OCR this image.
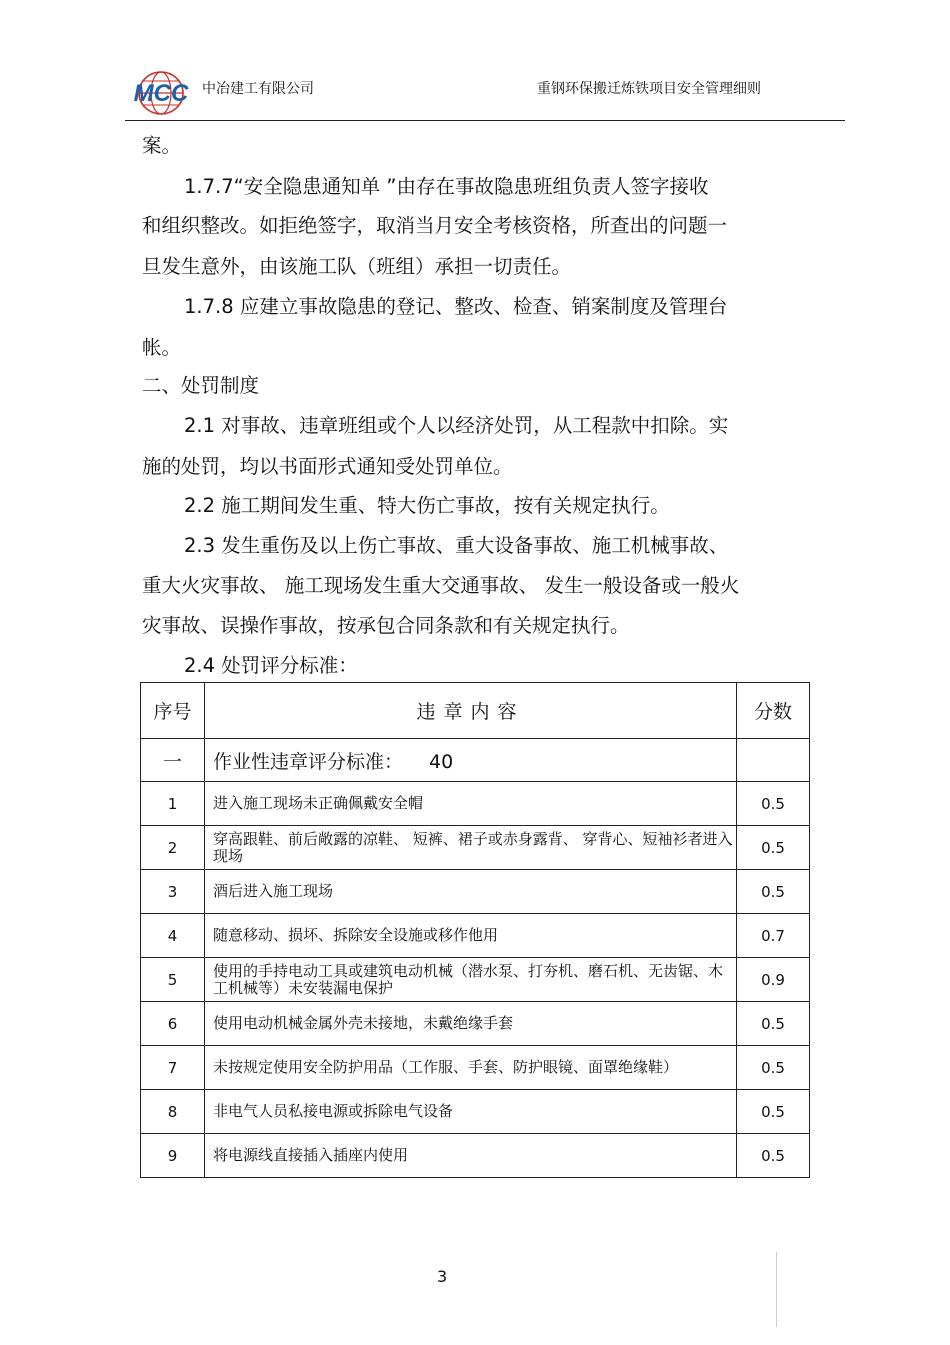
MCC 中冶建工有限公司	重钢环保搬迁炼铁项目安全管理细则
案。
1.7.7“安全隐患通知单 ”由存在事故隐患班组负责人签字接收
和组织整改。如拒绝签字，取消当月安全考核资格，所查出的问题一
旦发生意外，由该施工队（班组）承担一切责任。
1.7.8 应建立事故隐患的登记、整改、检查、销案制度及管理台
帐。
二、处罚制度
2.1 对事故、违章班组或个人以经济处罚，从工程款中扣除。实
施的处罚，均以书面形式通知受处罚单位。
2.2 施工期间发生重、特大伤亡事故，按有关规定执行。
2.3 发生重伤及以上伤亡事故、重大设备事故、施工机械事故、
重大火灾事故、 施工现场发生重大交通事故、 发生一般设备或一般火
灾事故、误操作事故，按承包合同条款和有关规定执行。
2.4 处罚评分标准：
序号	违章内容	分数
一	作业性违章评分标准： 40	
1	进入施工现场未正确佩戴安全帽	0.5
2	穿高跟鞋、前后敞露的凉鞋、 短裤、裙子或赤身露背、 穿背心、短袖衫者进入现场	0.5
3	酒后进入施工现场	0.5
4	随意移动、损坏、拆除安全设施或移作他用	0.7
5	使用的手持电动工具或建筑电动机械（潜水泵、打夯机、磨石机、无齿锯、木工机械等）未安装漏电保护	0.9
6	使用电动机械金属外壳未接地，未戴绝缘手套	0.5
7	未按规定使用安全防护用品（工作服、手套、防护眼镜、面罩绝缘鞋）	0.5
8	非电气人员私接电源或拆除电气设备	0.5
9	将电源线直接插入插座内使用	0.5
3
